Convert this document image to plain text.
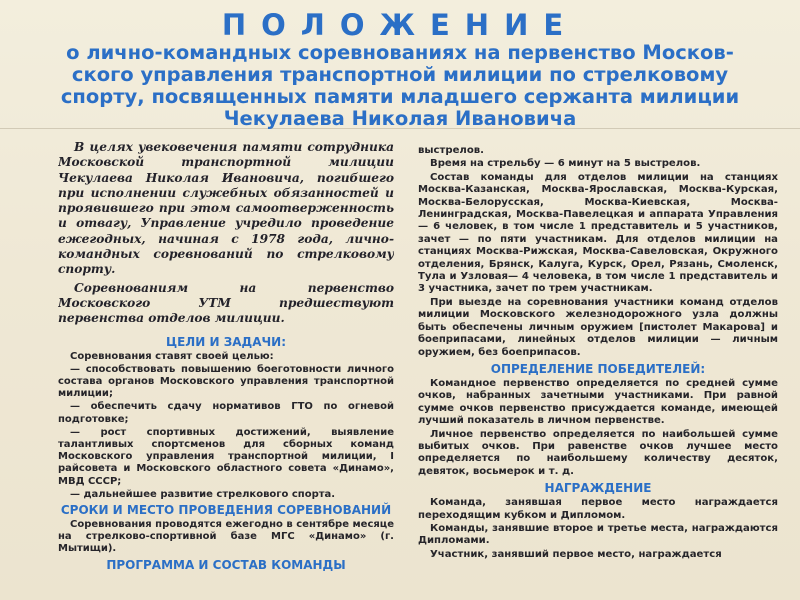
ПОЛОЖЕНИЕ

о лично-командных соревнованиях на первенство Москов-
ского управления транспортной милиции по стрелковому
спорту, посвященных памяти младшего сержанта милиции
Чекулаева Николая Ивановича

В целях увековечения памяти сотрудника Московской транспортной милиции Чекулаева Николая Ивановича, погибшего при исполнении служебных обязанностей и проявившего при этом самоотверженность и отвагу, Управление учредило проведение ежегодных, начиная с 1978 года, лично-командных соревнований по стрелковому спорту.

Соревнованиям на первенство Московского УТМ предшествуют первенства отделов милиции.

ЦЕЛИ И ЗАДАЧИ:

Соревнования ставят своей целью:

— способствовать повышению боеготовности личного состава органов Московского управления транспортной милиции;

— обеспечить сдачу нормативов ГТО по огневой подготовке;

— рост спортивных достижений, выявление талантливых спортсменов для сборных команд Московского управления транспортной милиции, I райсовета и Московского областного совета «Динамо», МВД СССР;

— дальнейшее развитие стрелкового спорта.

СРОКИ И МЕСТО ПРОВЕДЕНИЯ СОРЕВНОВАНИЙ

Соревнования проводятся ежегодно в сентябре месяце на стрелково-спортивной базе МГС «Динамо» (г. Мытищи).

ПРОГРАММА И СОСТАВ КОМАНДЫ

выстрелов.

Время на стрельбу — 6 минут на 5 выстрелов.

Состав команды для отделов милиции на станциях Москва-Казанская, Москва-Ярославская, Москва-Курская, Москва-Белорусская, Москва-Киевская, Москва-Ленинградская, Москва-Павелецкая и аппарата Управления — 6 человек, в том числе 1 представитель и 5 участников, зачет — по пяти участникам. Для отделов милиции на станциях Москва-Рижская, Москва-Савеловская, Окружного отделения, Брянск, Калуга, Курск, Орел, Рязань, Смоленск, Тула и Узловая— 4 человека, в том числе 1 представитель и 3 участника, зачет по трем участникам.

При выезде на соревнования участники команд отделов милиции Московского железнодорожного узла должны быть обеспечены личным оружием [пистолет Макарова] и боеприпасами, линейных отделов милиции — личным оружием, без боеприпасов.

ОПРЕДЕЛЕНИЕ ПОБЕДИТЕЛЕЙ:

Командное первенство определяется по средней сумме очков, набранных зачетными участниками. При равной сумме очков первенство присуждается команде, имеющей лучший показатель в личном первенстве.

Личное первенство определяется по наибольшей сумме выбитых очков. При равенстве очков лучшее место определяется по наибольшему количеству десяток, девяток, восьмерок и т. д.

НАГРАЖДЕНИЕ

Команда, занявшая первое место награждается переходящим кубком и Дипломом.

Команды, занявшие второе и третье места, награждаются Дипломами.

Участник, занявший первое место, награждается
